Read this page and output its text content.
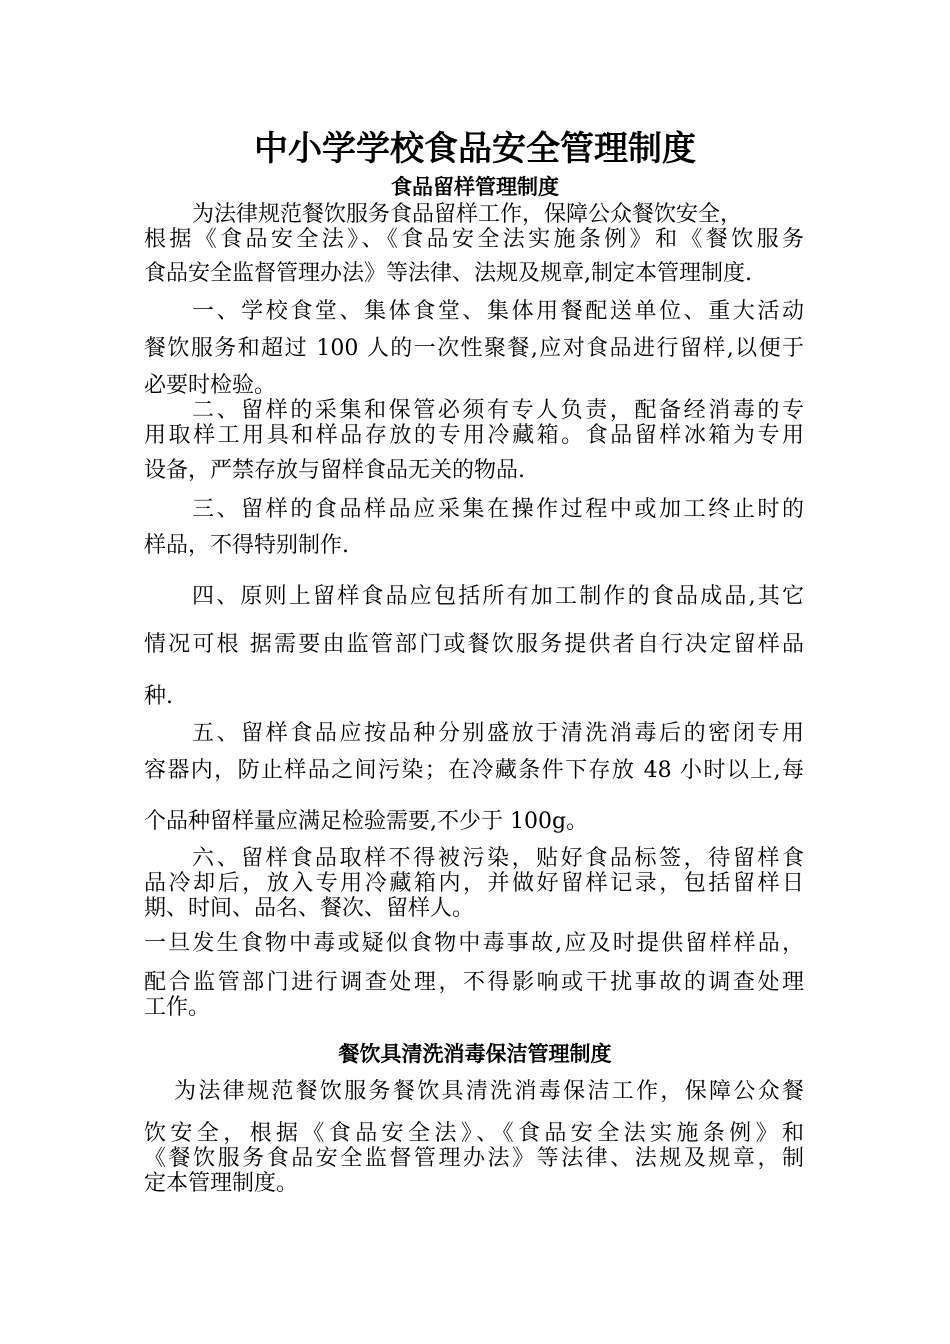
中小学学校食品安全管理制度
食品留样管理制度
为法律规范餐饮服务食品留样工作，保障公众餐饮安全，
根据《食品安全法》、《食品安全法实施条例》和《餐饮服务
食品安全监督管理办法》等法律、法规及规章,制定本管理制度.
一、学校食堂、集体食堂、集体用餐配送单位、重大活动
餐饮服务和超过 100 人的一次性聚餐,应对食品进行留样,以便于
必要时检验。
二、留样的采集和保管必须有专人负责，配备经消毒的专
用取样工用具和样品存放的专用冷藏箱。食品留样冰箱为专用
设备，严禁存放与留样食品无关的物品.
三、留样的食品样品应采集在操作过程中或加工终止时的
样品，不得特别制作.
四、原则上留样食品应包括所有加工制作的食品成品,其它
情况可根 据需要由监管部门或餐饮服务提供者自行决定留样品
种.
五、留样食品应按品种分别盛放于清洗消毒后的密闭专用
容器内，防止样品之间污染；在冷藏条件下存放 48 小时以上,每
个品种留样量应满足检验需要,不少于 100g。
六、留样食品取样不得被污染，贴好食品标签，待留样食
品冷却后，放入专用冷藏箱内，并做好留样记录，包括留样日
期、时间、品名、餐次、留样人。
一旦发生食物中毒或疑似食物中毒事故,应及时提供留样样品，
配合监管部门进行调查处理，不得影响或干扰事故的调查处理
工作。
餐饮具清洗消毒保洁管理制度
为法律规范餐饮服务餐饮具清洗消毒保洁工作，保障公众餐
饮安全，根据《食品安全法》、《食品安全法实施条例》和
《餐饮服务食品安全监督管理办法》等法律、法规及规章，制
定本管理制度。
